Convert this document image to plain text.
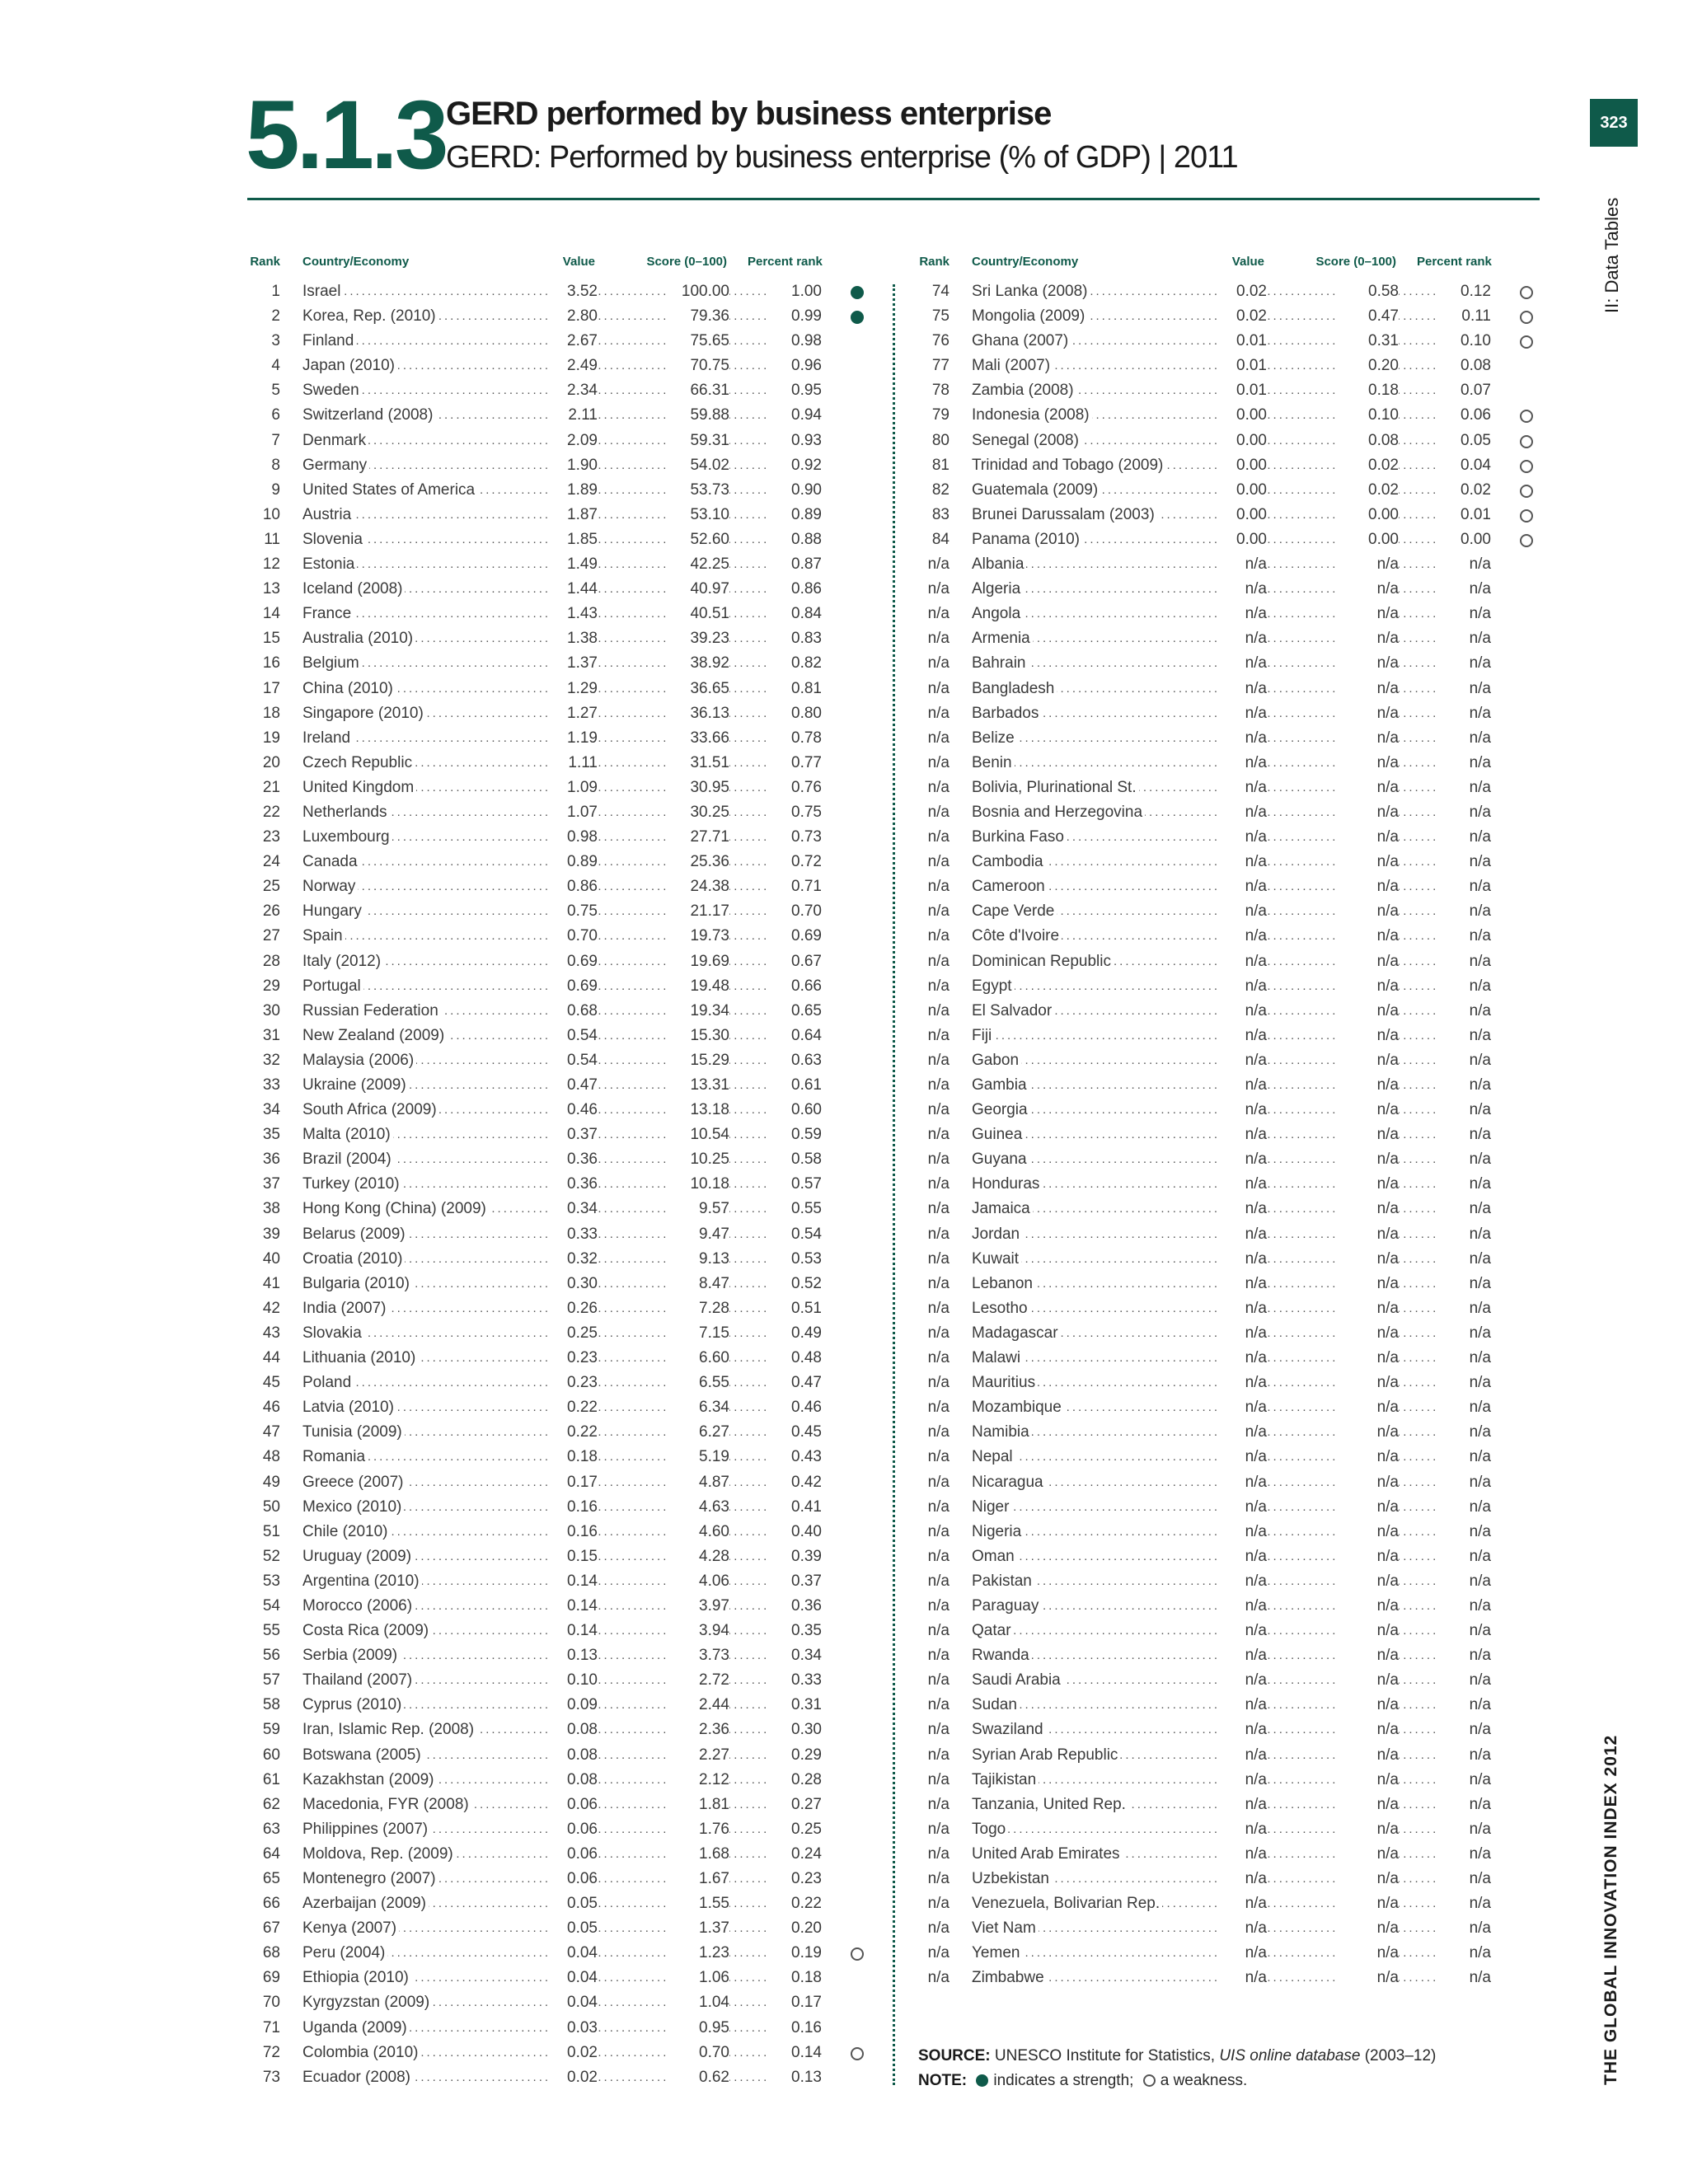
5.1.3 GERD performed by business enterprise
GERD: Performed by business enterprise (% of GDP) | 2011
323
II: Data Tables
THE GLOBAL INNOVATION INDEX 2012
Rank Country/Economy	Value	Score (0–100) Percent rank
1 Israel	3.52	100.00	1.00
2 Korea, Rep. (2010)	2.80	79.36	0.99
3 Finland	2.67	75.65	0.98
4 Japan (2010)	2.49	70.75	0.96
5 Sweden	2.34	66.31	0.95
6 Switzerland (2008)	2.11	59.88	0.94
7 Denmark	2.09	59.31	0.93
8 Germany	1.90	54.02	0.92
9 United States of America	1.89	53.73	0.90
10 Austria	1.87	53.10	0.89
11 Slovenia	1.85	52.60	0.88
12 Estonia	1.49	42.25	0.87
13 Iceland (2008)	1.44	40.97	0.86
14 France	1.43	40.51	0.84
15 Australia (2010)	1.38	39.23	0.83
16 Belgium	1.37	38.92	0.82
17 China (2010)	1.29	36.65	0.81
18 Singapore (2010)	1.27	36.13	0.80
19 Ireland	1.19	33.66	0.78
20 Czech Republic	1.11	31.51	0.77
21 United Kingdom	1.09	30.95	0.76
22 Netherlands	1.07	30.25	0.75
23 Luxembourg	0.98	27.71	0.73
24 Canada	0.89	25.36	0.72
25 Norway	0.86	24.38	0.71
26 Hungary	0.75	21.17	0.70
27 Spain	0.70	19.73	0.69
28 Italy (2012)	0.69	19.69	0.67
29 Portugal	0.69	19.48	0.66
30 Russian Federation	0.68	19.34	0.65
31 New Zealand (2009)	0.54	15.30	0.64
32 Malaysia (2006)	0.54	15.29	0.63
33 Ukraine (2009)	0.47	13.31	0.61
34 South Africa (2009)	0.46	13.18	0.60
35 Malta (2010)	0.37	10.54	0.59
36 Brazil (2004)	0.36	10.25	0.58
37 Turkey (2010)	0.36	10.18	0.57
38 Hong Kong (China) (2009)	0.34	9.57	0.55
39 Belarus (2009)	0.33	9.47	0.54
40 Croatia (2010)	0.32	9.13	0.53
41 Bulgaria (2010)	0.30	8.47	0.52
42 India (2007)	0.26	7.28	0.51
43 Slovakia	0.25	7.15	0.49
44 Lithuania (2010)	0.23	6.60	0.48
45 Poland	0.23	6.55	0.47
46 Latvia (2010)	0.22	6.34	0.46
47 Tunisia (2009)	0.22	6.27	0.45
48 Romania	0.18	5.19	0.43
49 Greece (2007)	0.17	4.87	0.42
50 Mexico (2010)	0.16	4.63	0.41
51 Chile (2010)	0.16	4.60	0.40
52 Uruguay (2009)	0.15	4.28	0.39
53 Argentina (2010)	0.14	4.06	0.37
54 Morocco (2006)	0.14	3.97	0.36
55 Costa Rica (2009)	0.14	3.94	0.35
56 Serbia (2009)	0.13	3.73	0.34
57 Thailand (2007)	0.10	2.72	0.33
58 Cyprus (2010)	0.09	2.44	0.31
59 Iran, Islamic Rep. (2008)	0.08	2.36	0.30
60 Botswana (2005)	0.08	2.27	0.29
61 Kazakhstan (2009)	0.08	2.12	0.28
62 Macedonia, FYR (2008)	0.06	1.81	0.27
63 Philippines (2007)	0.06	1.76	0.25
64 Moldova, Rep. (2009)	0.06	1.68	0.24
65 Montenegro (2007)	0.06	1.67	0.23
66 Azerbaijan (2009)	0.05	1.55	0.22
67 Kenya (2007)	0.05	1.37	0.20
68 Peru (2004)	0.04	1.23	0.19
69 Ethiopia (2010)	0.04	1.06	0.18
70 Kyrgyzstan (2009)	0.04	1.04	0.17
71 Uganda (2009)	0.03	0.95	0.16
72 Colombia (2010)	0.02	0.70	0.14
73 Ecuador (2008)	0.02	0.62	0.13
Rank Country/Economy	Value	Score (0–100) Percent rank
74 Sri Lanka (2008)	0.02	0.58	0.12
75 Mongolia (2009)	0.02	0.47	0.11
76 Ghana (2007)	0.01	0.31	0.10
77 Mali (2007)	0.01	0.20	0.08
78 Zambia (2008)	0.01	0.18	0.07
79 Indonesia (2008)	0.00	0.10	0.06
80 Senegal (2008)	0.00	0.08	0.05
81 Trinidad and Tobago (2009)	0.00	0.02	0.04
82 Guatemala (2009)	0.00	0.02	0.02
83 Brunei Darussalam (2003)	0.00	0.00	0.01
84 Panama (2010)	0.00	0.00	0.00
n/a Albania	n/a	n/a	n/a
n/a Algeria	n/a	n/a	n/a
n/a Angola	n/a	n/a	n/a
n/a Armenia	n/a	n/a	n/a
n/a Bahrain	n/a	n/a	n/a
n/a Bangladesh	n/a	n/a	n/a
n/a Barbados	n/a	n/a	n/a
n/a Belize	n/a	n/a	n/a
n/a Benin	n/a	n/a	n/a
n/a Bolivia, Plurinational St.	n/a	n/a	n/a
n/a Bosnia and Herzegovina	n/a	n/a	n/a
n/a Burkina Faso	n/a	n/a	n/a
n/a Cambodia	n/a	n/a	n/a
n/a Cameroon	n/a	n/a	n/a
n/a Cape Verde	n/a	n/a	n/a
n/a Côte d'Ivoire	n/a	n/a	n/a
n/a Dominican Republic	n/a	n/a	n/a
n/a Egypt	n/a	n/a	n/a
n/a El Salvador	n/a	n/a	n/a
n/a Fiji	n/a	n/a	n/a
n/a Gabon	n/a	n/a	n/a
n/a Gambia	n/a	n/a	n/a
n/a Georgia	n/a	n/a	n/a
n/a Guinea	n/a	n/a	n/a
n/a Guyana	n/a	n/a	n/a
n/a Honduras	n/a	n/a	n/a
n/a Jamaica	n/a	n/a	n/a
n/a Jordan	n/a	n/a	n/a
n/a Kuwait	n/a	n/a	n/a
n/a Lebanon	n/a	n/a	n/a
n/a Lesotho	n/a	n/a	n/a
n/a Madagascar	n/a	n/a	n/a
n/a Malawi	n/a	n/a	n/a
n/a Mauritius	n/a	n/a	n/a
n/a Mozambique	n/a	n/a	n/a
n/a Namibia	n/a	n/a	n/a
n/a Nepal	n/a	n/a	n/a
n/a Nicaragua	n/a	n/a	n/a
n/a Niger	n/a	n/a	n/a
n/a Nigeria	n/a	n/a	n/a
n/a Oman	n/a	n/a	n/a
n/a Pakistan	n/a	n/a	n/a
n/a Paraguay	n/a	n/a	n/a
n/a Qatar	n/a	n/a	n/a
n/a Rwanda	n/a	n/a	n/a
n/a Saudi Arabia	n/a	n/a	n/a
n/a Sudan	n/a	n/a	n/a
n/a Swaziland	n/a	n/a	n/a
n/a Syrian Arab Republic	n/a	n/a	n/a
n/a Tajikistan	n/a	n/a	n/a
n/a Tanzania, United Rep.	n/a	n/a	n/a
n/a Togo	n/a	n/a	n/a
n/a United Arab Emirates	n/a	n/a	n/a
n/a Uzbekistan	n/a	n/a	n/a
n/a Venezuela, Bolivarian Rep.	n/a	n/a	n/a
n/a Viet Nam	n/a	n/a	n/a
n/a Yemen	n/a	n/a	n/a
n/a Zimbabwe	n/a	n/a	n/a
SOURCE: UNESCO Institute for Statistics, UIS online database (2003–12)
NOTE: indicates a strength; a weakness.
